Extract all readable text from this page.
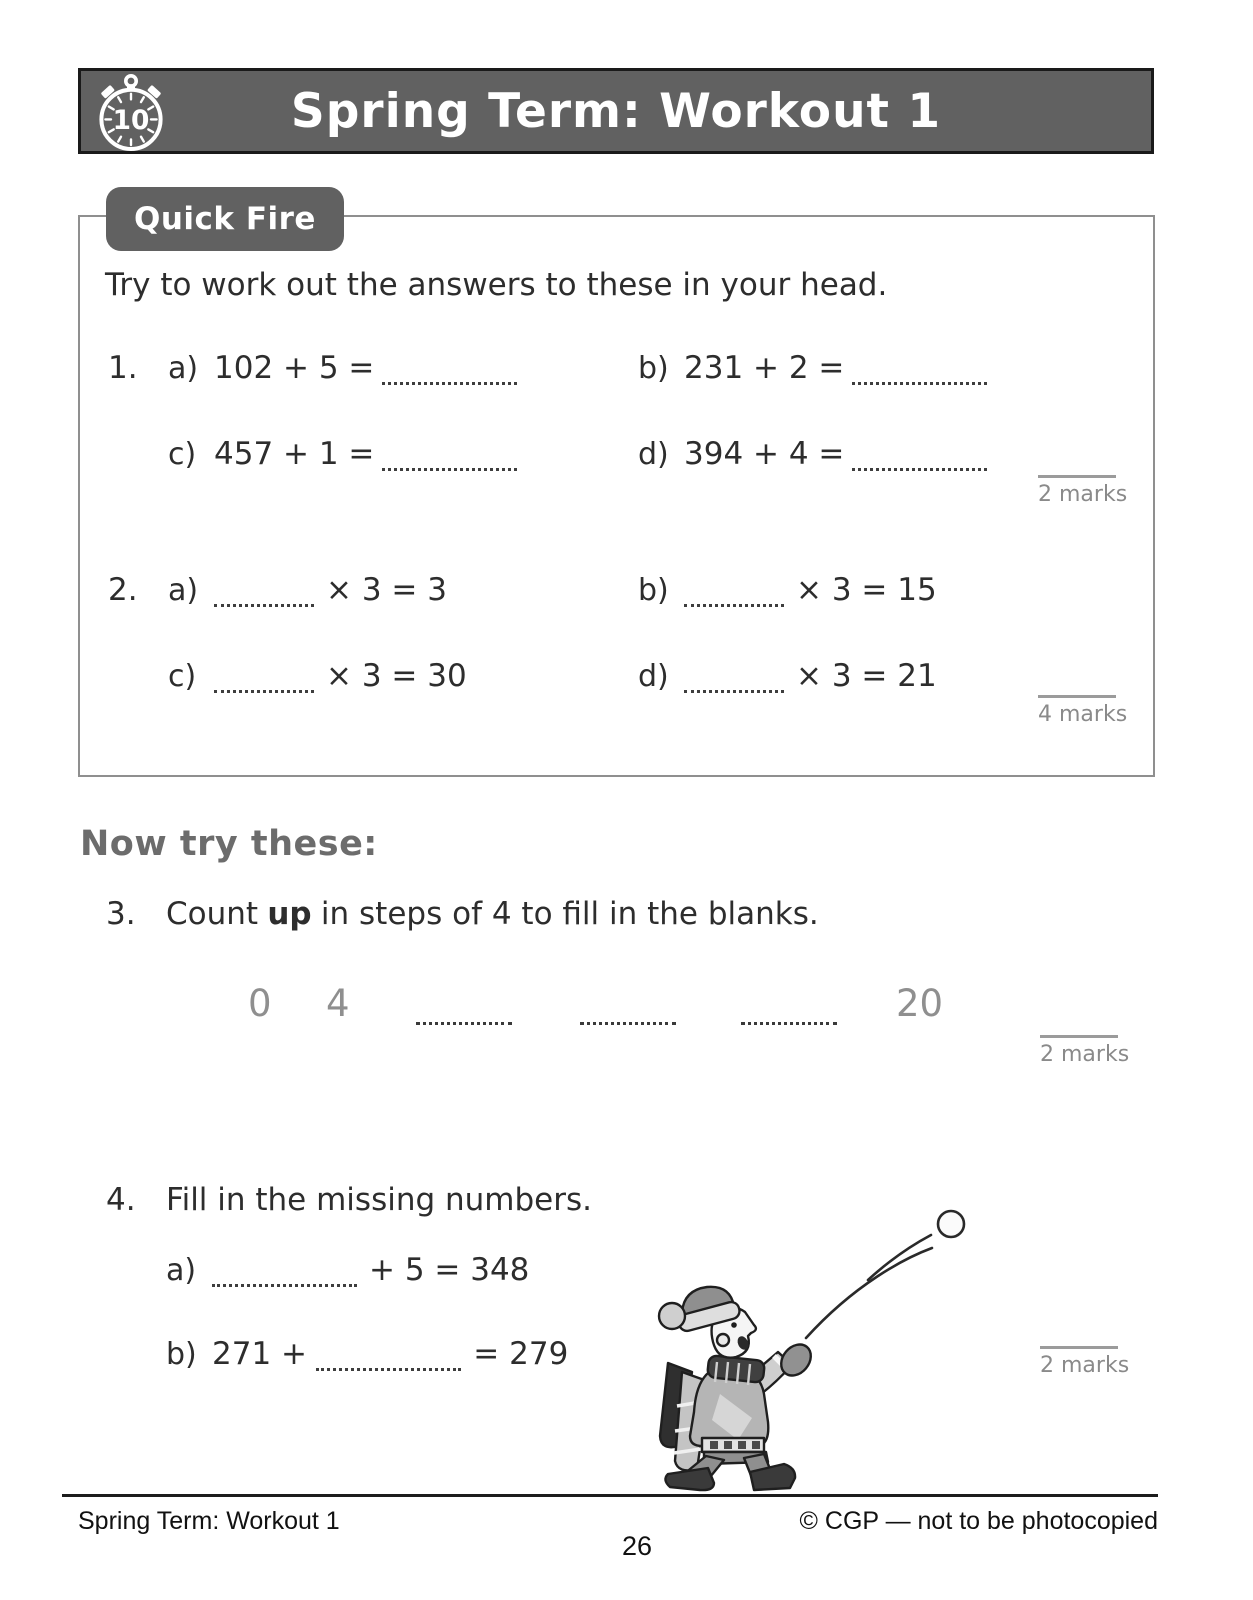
10	Spring Term: Workout 1
Quick Fire
Try to work out the answers to these in your head.
1. a) 102 + 5 =	b) 231 + 2 =
c) 457 + 1 =	d) 394 + 4 =
2 marks
2. a)	× 3 = 3	b)	× 3 = 15
c)	× 3 = 30	d)	× 3 = 21
4 marks
Now try these:
3. Count up in steps of 4 to fill in the blanks.
0 4	20
2 marks
4. Fill in the missing numbers.
a)	+ 5 = 348
b) 271 +	= 279	2 marks
Spring Term: Workout 1	© CGP — not to be photocopied
26
